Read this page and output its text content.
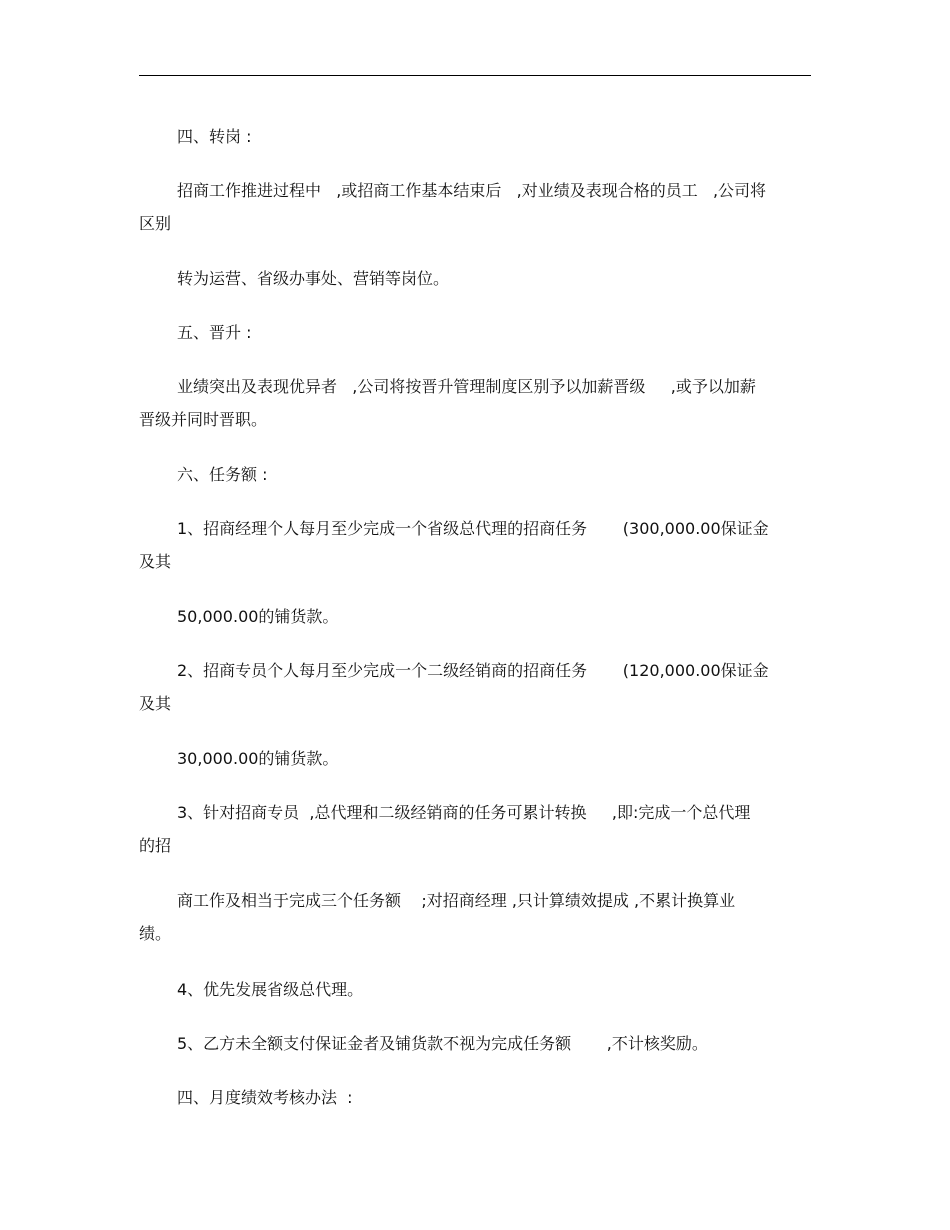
四、转岗 :
招商工作推进过程中   ,或招商工作基本结束后   ,对业绩及表现合格的员工   ,公司将
区别
转为运营、省级办事处、营销等岗位。
五、晋升 :
业绩突出及表现优异者   ,公司将按晋升管理制度区别予以加薪晋级     ,或予以加薪
晋级并同时晋职。
六、任务额 :
1、招商经理个人每月至少完成一个省级总代理的招商任务       (300,000.00保证金
及其
50,000.00的铺货款。
2、招商专员个人每月至少完成一个二级经销商的招商任务       (120,000.00保证金
及其
30,000.00的铺货款。
3、针对招商专员  ,总代理和二级经销商的任务可累计转换     ,即:完成一个总代理
的招
商工作及相当于完成三个任务额    ;对招商经理 ,只计算绩效提成 ,不累计换算业
绩。
4、优先发展省级总代理。
5、乙方未全额支付保证金者及铺货款不视为完成任务额       ,不计核奖励。
四、月度绩效考核办法  :
